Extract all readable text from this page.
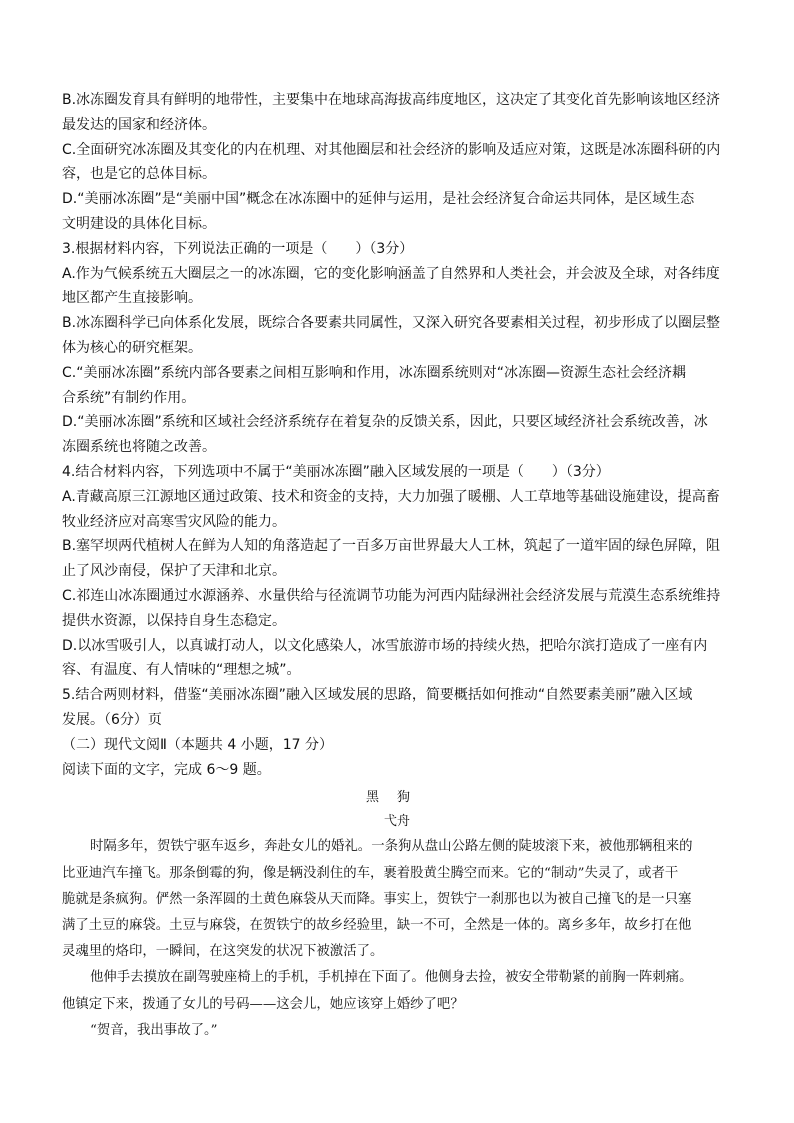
B.冰冻圈发育具有鲜明的地带性，主要集中在地球高海拔高纬度地区，这决定了其变化首先影响该地区经济
最发达的国家和经济体。
C.全面研究冰冻圈及其变化的内在机理、对其他圈层和社会经济的影响及适应对策，这既是冰冻圈科研的内
容，也是它的总体目标。
D.“美丽冰冻圈”是“美丽中国”概念在冰冻圈中的延伸与运用，是社会经济复合命运共同体，是区域生态
文明建设的具体化目标。
3.根据材料内容，下列说法正确的一项是（　　）（3分）
A.作为气候系统五大圈层之一的冰冻圈，它的变化影响涵盖了自然界和人类社会，并会波及全球，对各纬度
地区都产生直接影响。
B.冰冻圈科学已向体系化发展，既综合各要素共同属性，又深入研究各要素相关过程，初步形成了以圈层整
体为核心的研究框架。
C.“美丽冰冻圈”系统内部各要素之间相互影响和作用，冰冻圈系统则对“冰冻圈—资源生态社会经济耦
合系统”有制约作用。
D.“美丽冰冻圈”系统和区域社会经济系统存在着复杂的反馈关系，因此，只要区域经济社会系统改善，冰
冻圈系统也将随之改善。
4.结合材料内容，下列选项中不属于“美丽冰冻圈”融入区域发展的一项是（　　）（3分）
A.青藏高原三江源地区通过政策、技术和资金的支持，大力加强了暖棚、人工草地等基础设施建设，提高畜
牧业经济应对高寒雪灾风险的能力。
B.塞罕坝两代植树人在鲜为人知的角落造起了一百多万亩世界最大人工林，筑起了一道牢固的绿色屏障，阻
止了风沙南侵，保护了天津和北京。
C.祁连山冰冻圈通过水源涵养、水量供给与径流调节功能为河西内陆绿洲社会经济发展与荒漠生态系统维持
提供水资源，以保持自身生态稳定。
D.以冰雪吸引人，以真诚打动人，以文化感染人，冰雪旅游市场的持续火热，把哈尔滨打造成了一座有内
容、有温度、有人情味的“理想之城”。
5.结合两则材料，借鉴“美丽冰冻圈”融入区域发展的思路，简要概括如何推动“自然要素美丽”融入区域
发展。（6分）页
（二）现代文阅Ⅱ（本题共 4 小题，17 分）
阅读下面的文字，完成 6～9 题。
黑狗
弋舟
时隔多年，贺铁宁驱车返乡，奔赴女儿的婚礼。一条狗从盘山公路左侧的陡坡滚下来，被他那辆租来的
比亚迪汽车撞飞。那条倒霉的狗，像是辆没刹住的车，裹着股黄尘腾空而来。它的“制动”失灵了，或者干
脆就是条疯狗。俨然一条浑圆的土黄色麻袋从天而降。事实上，贺铁宁一刹那也以为被自己撞飞的是一只塞
满了土豆的麻袋。土豆与麻袋，在贺铁宁的故乡经验里，缺一不可，全然是一体的。离乡多年，故乡打在他
灵魂里的烙印，一瞬间，在这突发的状况下被激活了。
他伸手去摸放在副驾驶座椅上的手机，手机掉在下面了。他侧身去捡，被安全带勒紧的前胸一阵刺痛。
他镇定下来，拨通了女儿的号码——这会儿，她应该穿上婚纱了吧？
“贺音，我出事故了。”
